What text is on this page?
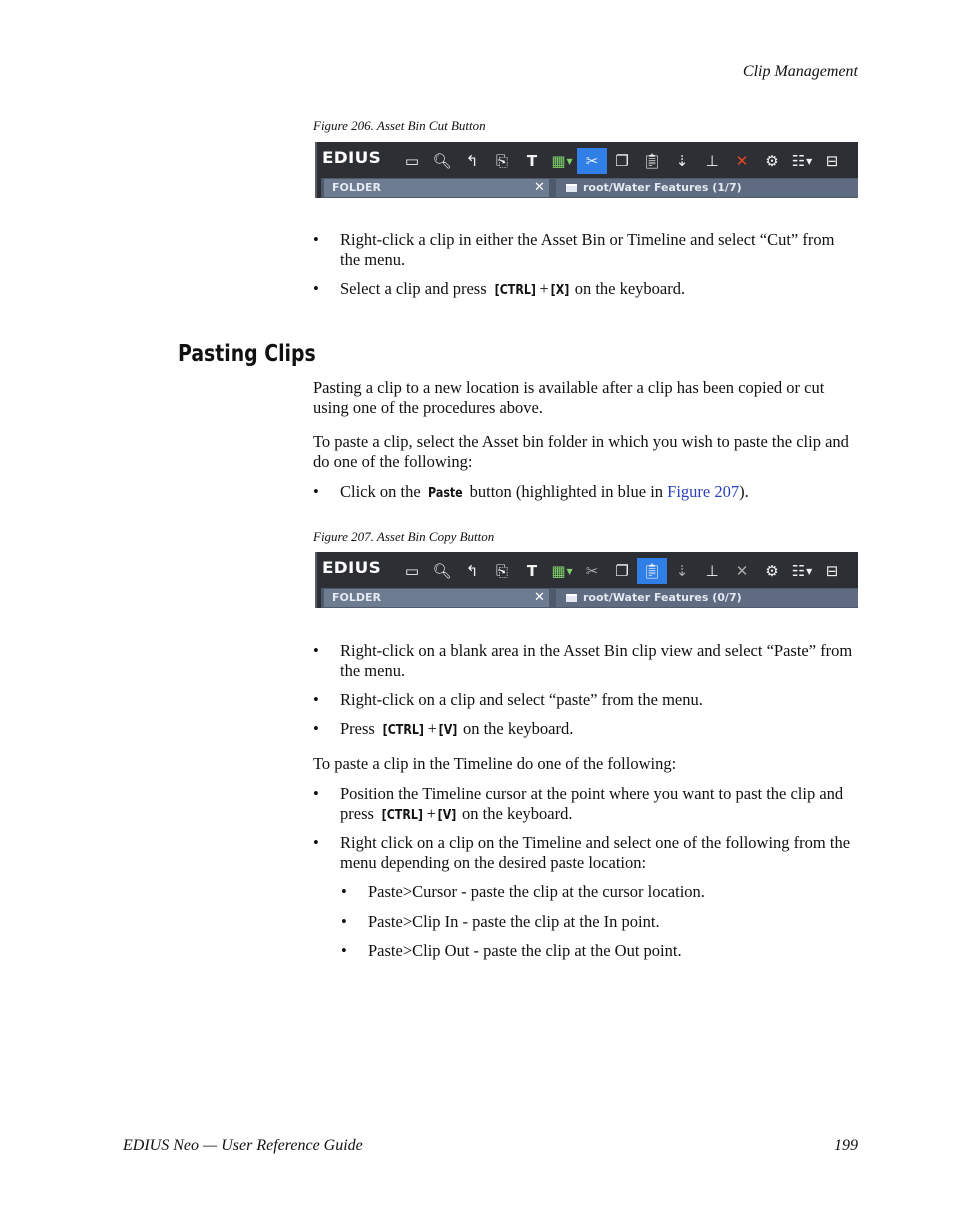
Clip Management
Figure 206. Asset Bin Cut Button
EDIUS	▭ 🔍︎ ↰	⎘	T ▦ ▼ ✂	❐ 📋︎ ⇣	⊥	✕	⚙ ☷ ▼ ⊟
FOLDER	✕	root/Water Features (1/7)
• Right-click a clip in either the Asset Bin or Timeline and select “Cut” from the menu.
• Select a clip and press [CTRL] + [X] on the keyboard.
Pasting Clips

Pasting a clip to a new location is available after a clip has been copied or cut using one of the procedures above.

To paste a clip, select the Asset bin folder in which you wish to paste the clip and do one of the following:

• Click on the Paste button (highlighted in blue in Figure 207).
Figure 207. Asset Bin Copy Button
EDIUS	▭ 🔍︎ ↰	⎘	T ▦ ▼ ✂	❐ 📋︎ ⇣	⊥	✕	⚙ ☷ ▼ ⊟
FOLDER	✕	root/Water Features (0/7)
• Right-click on a blank area in the Asset Bin clip view and select “Paste” from the menu.
• Right-click on a clip and select “paste” from the menu.
• Press [CTRL] + [V] on the keyboard.

To paste a clip in the Timeline do one of the following:

• Position the Timeline cursor at the point where you want to past the clip and press [CTRL] + [V] on the keyboard.
• Right click on a clip on the Timeline and select one of the following from the menu depending on the desired paste location:
• Paste>Cursor - paste the clip at the cursor location.
• Paste>Clip In - paste the clip at the In point.
• Paste>Clip Out - paste the clip at the Out point.
EDIUS Neo — User Reference Guide	199
